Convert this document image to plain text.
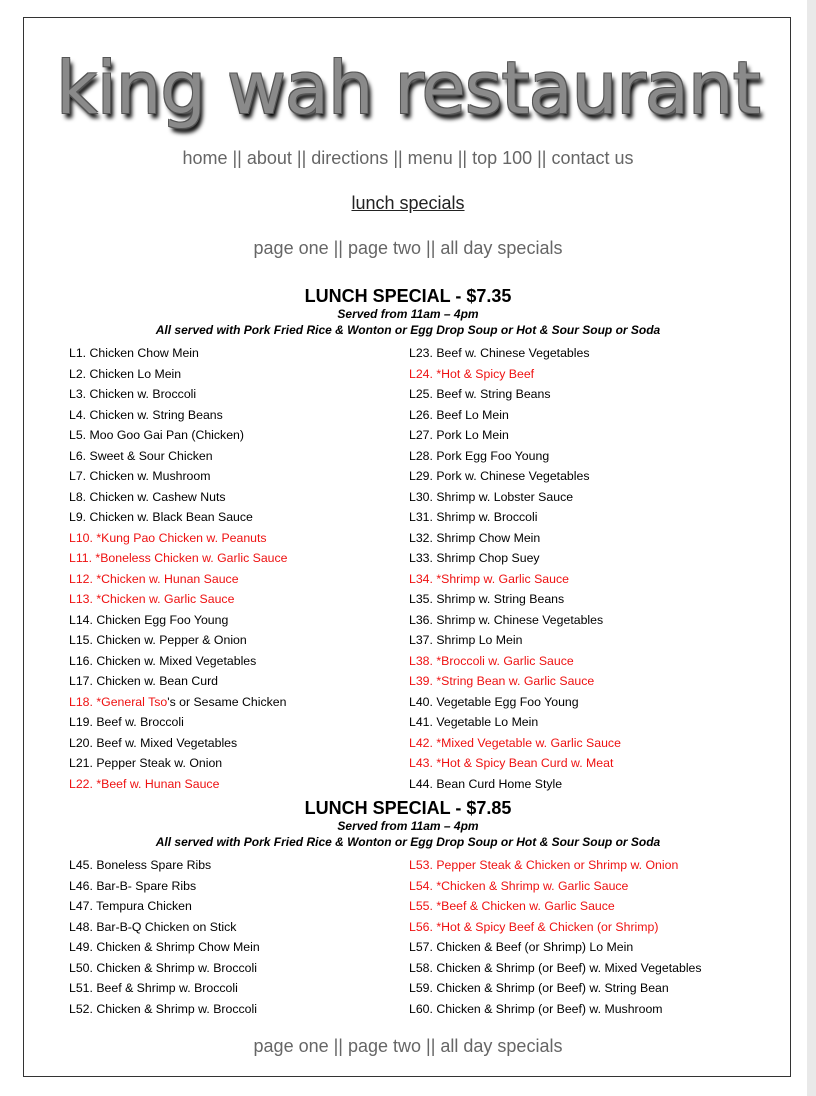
king wah restaurant
home || about || directions || menu || top 100 || contact us
lunch specials
page one || page two || all day specials
LUNCH SPECIAL - $7.35
Served from 11am – 4pm
All served with Pork Fried Rice & Wonton or Egg Drop Soup or Hot & Sour Soup or Soda
L1. Chicken Chow Mein
L2. Chicken Lo Mein
L3. Chicken w. Broccoli
L4. Chicken w. String Beans
L5. Moo Goo Gai Pan (Chicken)
L6. Sweet & Sour Chicken
L7. Chicken w. Mushroom
L8. Chicken w. Cashew Nuts
L9. Chicken w. Black Bean Sauce
L10. *Kung Pao Chicken w. Peanuts
L11. *Boneless Chicken w. Garlic Sauce
L12. *Chicken w. Hunan Sauce
L13. *Chicken w. Garlic Sauce
L14. Chicken Egg Foo Young
L15. Chicken w. Pepper & Onion
L16. Chicken w. Mixed Vegetables
L17. Chicken w. Bean Curd
L18. *General Tso's or Sesame Chicken
L19. Beef w. Broccoli
L20. Beef w. Mixed Vegetables
L21. Pepper Steak w. Onion
L22. *Beef w. Hunan Sauce
L23. Beef w. Chinese Vegetables
L24. *Hot & Spicy Beef
L25. Beef w. String Beans
L26. Beef Lo Mein
L27. Pork Lo Mein
L28. Pork Egg Foo Young
L29. Pork w. Chinese Vegetables
L30. Shrimp w. Lobster Sauce
L31. Shrimp w. Broccoli
L32. Shrimp Chow Mein
L33. Shrimp Chop Suey
L34. *Shrimp w. Garlic Sauce
L35. Shrimp w. String Beans
L36. Shrimp w. Chinese Vegetables
L37. Shrimp Lo Mein
L38. *Broccoli w. Garlic Sauce
L39. *String Bean w. Garlic Sauce
L40. Vegetable Egg Foo Young
L41. Vegetable Lo Mein
L42. *Mixed Vegetable w. Garlic Sauce
L43. *Hot & Spicy Bean Curd w. Meat
L44. Bean Curd Home Style
LUNCH SPECIAL - $7.85
Served from 11am – 4pm
All served with Pork Fried Rice & Wonton or Egg Drop Soup or Hot & Sour Soup or Soda
L45. Boneless Spare Ribs
L46. Bar-B- Spare Ribs
L47. Tempura Chicken
L48. Bar-B-Q Chicken on Stick
L49. Chicken & Shrimp Chow Mein
L50. Chicken & Shrimp w. Broccoli
L51. Beef & Shrimp w. Broccoli
L52. Chicken & Shrimp w. Broccoli
L53. Pepper Steak & Chicken or Shrimp w. Onion
L54. *Chicken & Shrimp w. Garlic Sauce
L55. *Beef & Chicken w. Garlic Sauce
L56. *Hot & Spicy Beef & Chicken (or Shrimp)
L57. Chicken & Beef (or Shrimp) Lo Mein
L58. Chicken & Shrimp (or Beef) w. Mixed Vegetables
L59. Chicken & Shrimp (or Beef) w. String Bean
L60. Chicken & Shrimp (or Beef) w. Mushroom
page one || page two || all day specials
